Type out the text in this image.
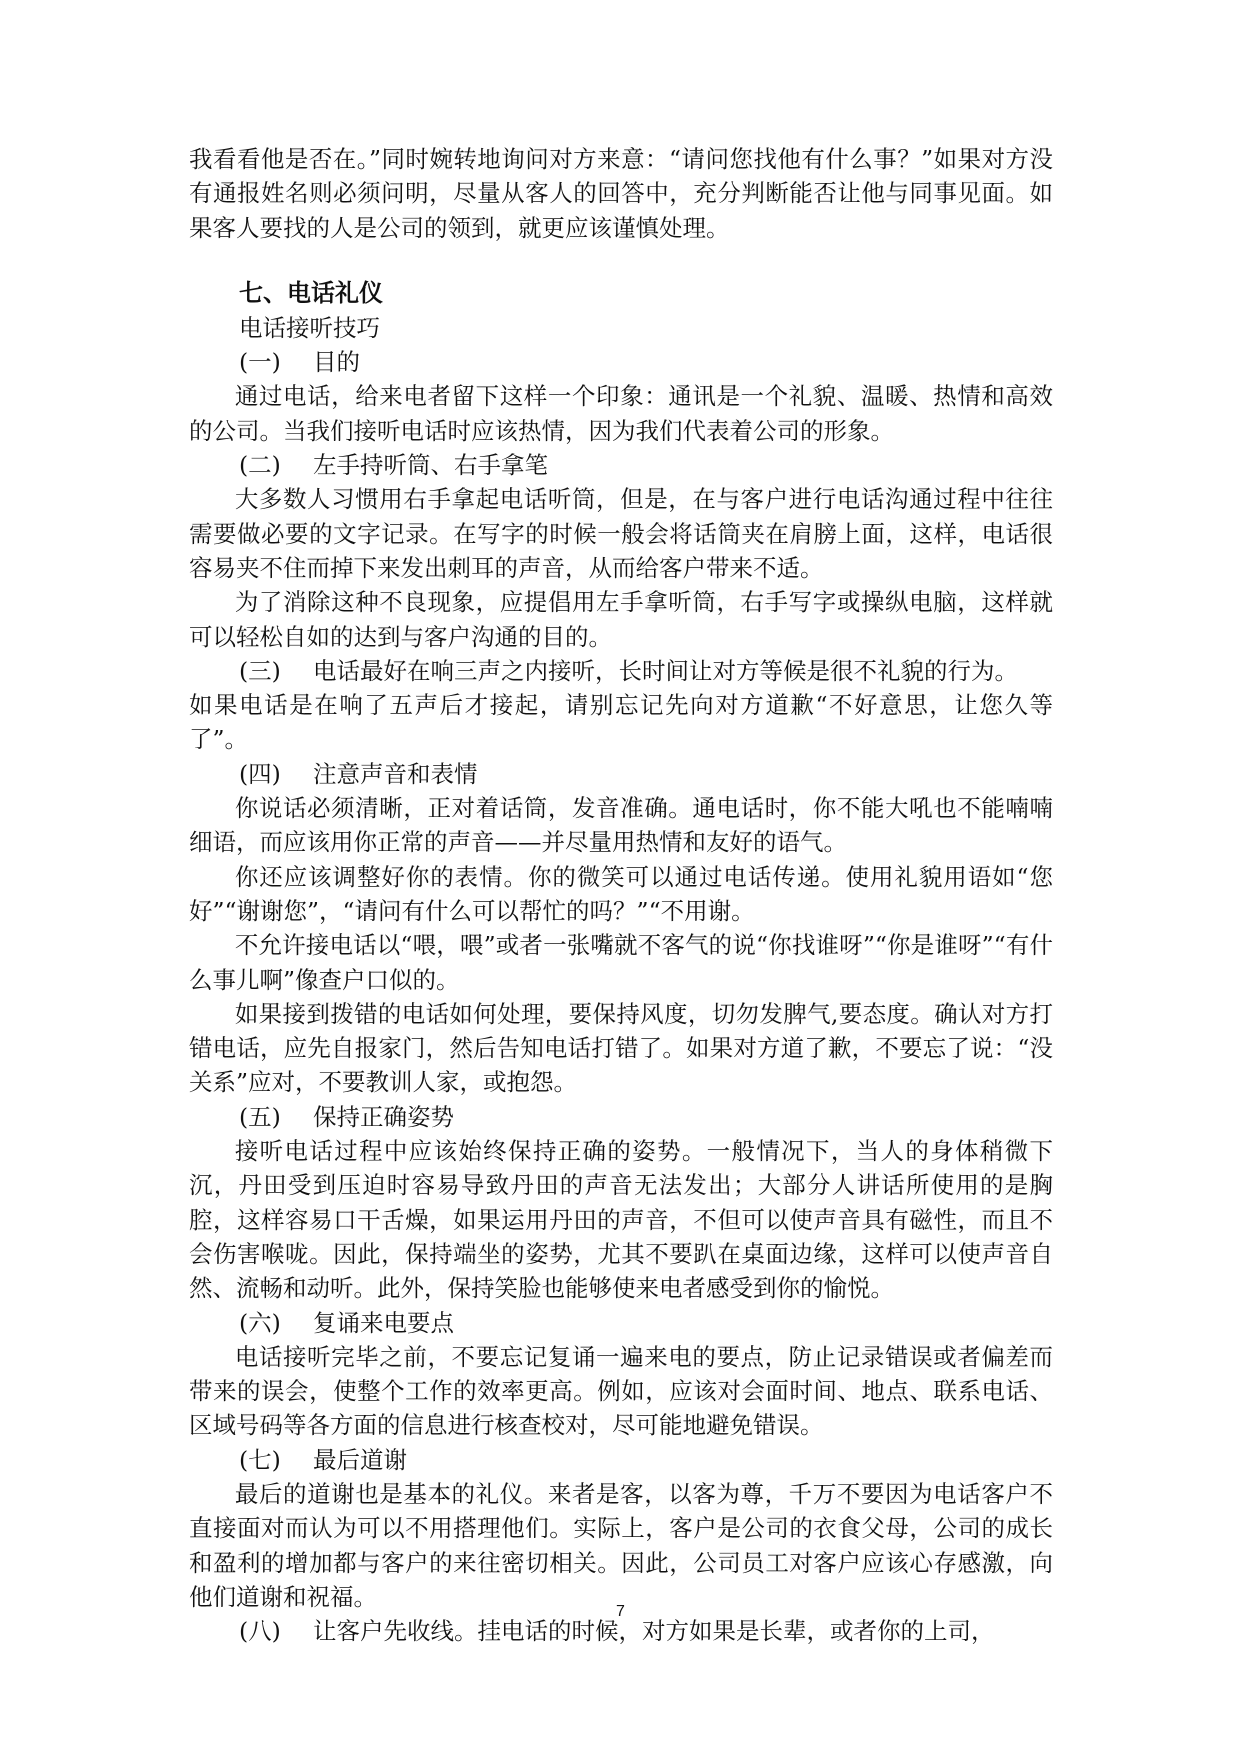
我看看他是否在。”同时婉转地询问对方来意：“请问您找他有什么事？”如果对方没有通报姓名则必须问明，尽量从客人的回答中，充分判断能否让他与同事见面。如果客人要找的人是公司的领到，就更应该谨慎处理。

七、电话礼仪

电话接听技巧

(一) 目的

通过电话，给来电者留下这样一个印象：通讯是一个礼貌、温暖、热情和高效的公司。当我们接听电话时应该热情，因为我们代表着公司的形象。

(二) 左手持听筒、右手拿笔

大多数人习惯用右手拿起电话听筒，但是，在与客户进行电话沟通过程中往往需要做必要的文字记录。在写字的时候一般会将话筒夹在肩膀上面，这样，电话很容易夹不住而掉下来发出刺耳的声音，从而给客户带来不适。

为了消除这种不良现象，应提倡用左手拿听筒，右手写字或操纵电脑，这样就可以轻松自如的达到与客户沟通的目的。

(三) 电话最好在响三声之内接听，长时间让对方等候是很不礼貌的行为。

如果电话是在响了五声后才接起，请别忘记先向对方道歉“不好意思，让您久等了”。

(四) 注意声音和表情

你说话必须清晰，正对着话筒，发音准确。通电话时，你不能大吼也不能喃喃细语，而应该用你正常的声音——并尽量用热情和友好的语气。

你还应该调整好你的表情。你的微笑可以通过电话传递。使用礼貌用语如“您好”“谢谢您”，“请问有什么可以帮忙的吗？”“不用谢。

不允许接电话以“喂，喂”或者一张嘴就不客气的说“你找谁呀”“你是谁呀”“有什么事儿啊”像查户口似的。

如果接到拨错的电话如何处理，要保持风度，切勿发脾气,要态度。确认对方打错电话，应先自报家门，然后告知电话打错了。如果对方道了歉，不要忘了说：“没关系”应对，不要教训人家，或抱怨。

(五) 保持正确姿势

接听电话过程中应该始终保持正确的姿势。一般情况下，当人的身体稍微下沉，丹田受到压迫时容易导致丹田的声音无法发出；大部分人讲话所使用的是胸腔，这样容易口干舌燥，如果运用丹田的声音，不但可以使声音具有磁性，而且不会伤害喉咙。因此，保持端坐的姿势，尤其不要趴在桌面边缘，这样可以使声音自然、流畅和动听。此外，保持笑脸也能够使来电者感受到你的愉悦。

(六) 复诵来电要点

电话接听完毕之前，不要忘记复诵一遍来电的要点，防止记录错误或者偏差而带来的误会，使整个工作的效率更高。例如，应该对会面时间、地点、联系电话、区域号码等各方面的信息进行核查校对，尽可能地避免错误。

(七) 最后道谢

最后的道谢也是基本的礼仪。来者是客，以客为尊，千万不要因为电话客户不直接面对而认为可以不用搭理他们。实际上，客户是公司的衣食父母，公司的成长和盈利的增加都与客户的来往密切相关。因此，公司员工对客户应该心存感激，向他们道谢和祝福。

(八) 让客户先收线。挂电话的时候，对方如果是长辈，或者你的上司，

7
